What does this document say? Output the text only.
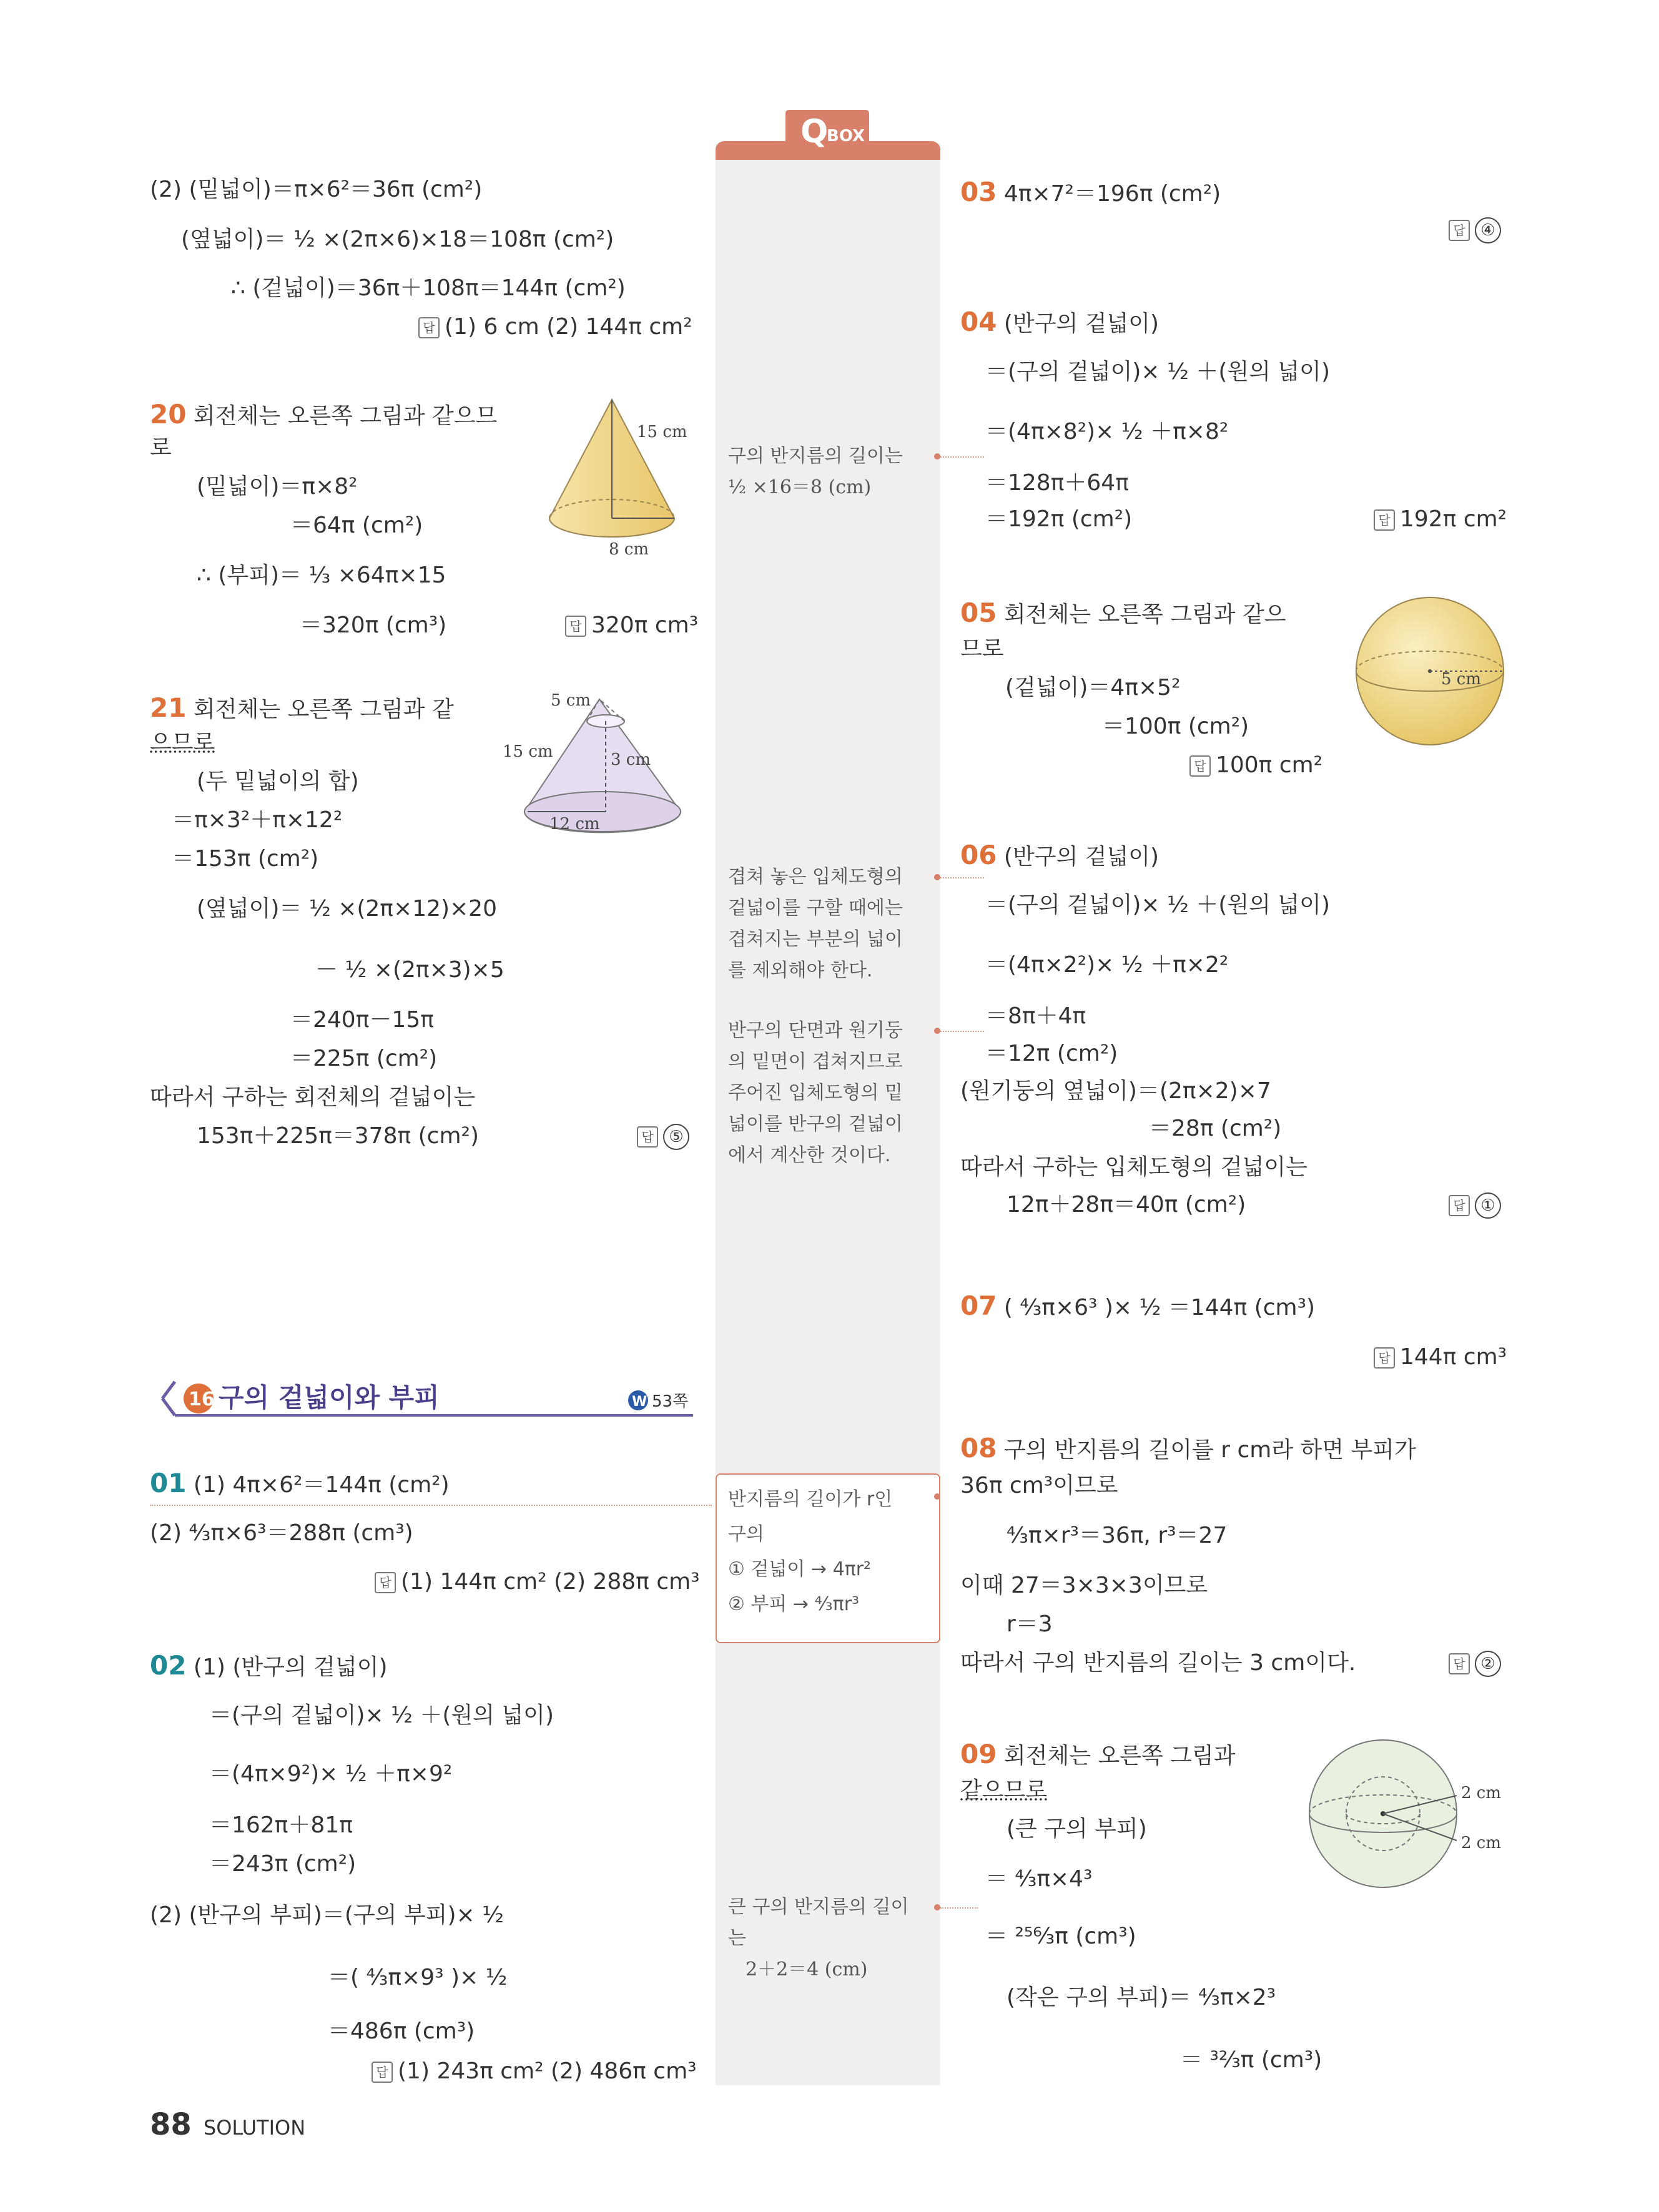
Q
BOX
(2) (밑넓이)＝π×6²＝36π (cm²)
(옆넓이)＝ ½ ×(2π×6)×18＝108π (cm²)
∴ (겉넓이)＝36π＋108π＝144π (cm²)
답 (1) 6 cm (2) 144π cm²
20 회전체는 오른쪽 그림과 같으므
로
(밑넓이)＝π×8²
＝64π (cm²)
∴ (부피)＝ ⅓ ×64π×15
＝320π (cm³)	답 320π cm³
15 cm
8 cm
21 회전체는 오른쪽 그림과 같
으므로
(두 밑넓이의 합)
＝π×3²＋π×12²
＝153π (cm²)
(옆넓이)＝ ½ ×(2π×12)×20
－ ½ ×(2π×3)×5
＝240π－15π
＝225π (cm²)
따라서 구하는 회전체의 겉넓이는
153π＋225π＝378π (cm²)	답 ⑤
5 cm
15 cm	3 cm
12 cm
16 구의 겉넓이와 부피	W 53쪽
01 (1) 4π×6²＝144π (cm²)
(2) ⁴⁄₃π×6³＝288π (cm³)
답 (1) 144π cm² (2) 288π cm³
02 (1) (반구의 겉넓이)
＝(구의 겉넓이)× ½ ＋(원의 넓이)
＝(4π×9²)× ½ ＋π×9²
＝162π＋81π
＝243π (cm²)
(2) (반구의 부피)＝(구의 부피)× ½
＝( ⁴⁄₃π×9³ )× ½
＝486π (cm³)
답 (1) 243π cm² (2) 486π cm³
구의 반지름의 길이는
½ ×16＝8 (cm)
겹쳐 놓은 입체도형의
겉넓이를 구할 때에는
겹쳐지는 부분의 넓이
를 제외해야 한다.
반구의 단면과 원기둥
의 밑면이 겹쳐지므로
주어진 입체도형의 밑
넓이를 반구의 겉넓이
에서 계산한 것이다.
반지름의 길이가 r인
구의
① 겉넓이 → 4πr²
② 부피 → ⁴⁄₃πr³
큰 구의 반지름의 길이
는
2＋2＝4 (cm)
03 4π×7²＝196π (cm²)
답 ④
04 (반구의 겉넓이)
＝(구의 겉넓이)× ½ ＋(원의 넓이)
＝(4π×8²)× ½ ＋π×8²
＝128π＋64π
＝192π (cm²)	답 192π cm²
05 회전체는 오른쪽 그림과 같으
므로
(겉넓이)＝4π×5²
＝100π (cm²)
답 100π cm²
5 cm
06 (반구의 겉넓이)
＝(구의 겉넓이)× ½ ＋(원의 넓이)
＝(4π×2²)× ½ ＋π×2²
＝8π＋4π
＝12π (cm²)
(원기둥의 옆넓이)＝(2π×2)×7
＝28π (cm²)
따라서 구하는 입체도형의 겉넓이는
12π＋28π＝40π (cm²)	답 ①
07 ( ⁴⁄₃π×6³ )× ½ ＝144π (cm³)
답 144π cm³
08 구의 반지름의 길이를 r cm라 하면 부피가
36π cm³이므로
⁴⁄₃π×r³＝36π, r³＝27
이때 27＝3×3×3이므로
r＝3
따라서 구의 반지름의 길이는 3 cm이다.	답 ②
09 회전체는 오른쪽 그림과
같으므로
(큰 구의 부피)
＝ ⁴⁄₃π×4³
＝ ²⁵⁶⁄₃π (cm³)
(작은 구의 부피)＝ ⁴⁄₃π×2³
＝ ³²⁄₃π (cm³)
2 cm
2 cm
88 SOLUTION
